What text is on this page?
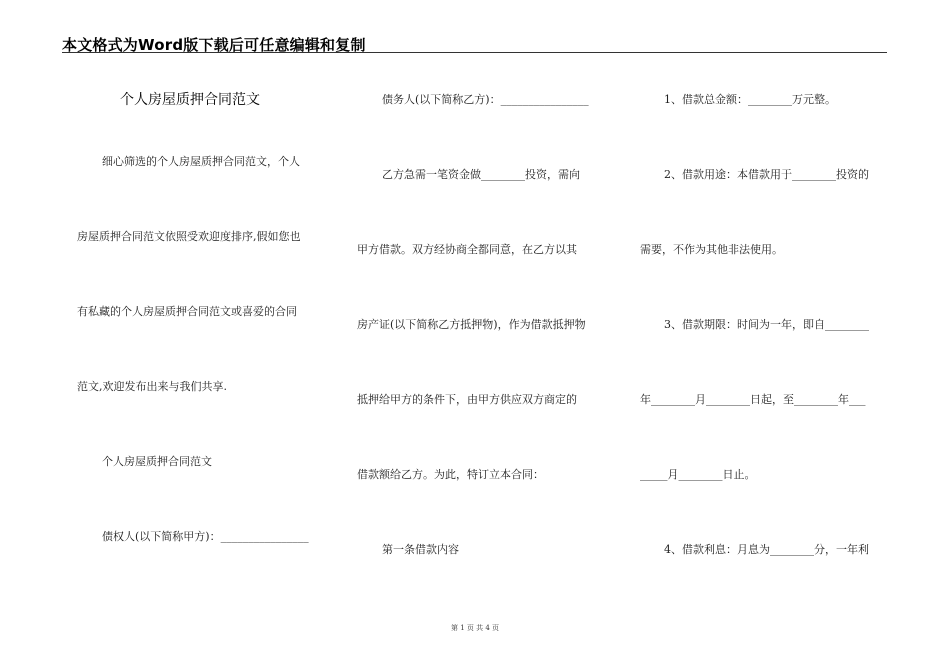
本文格式为Word版下载后可任意编辑和复制
个人房屋质押合同范文
细心筛选的个人房屋质押合同范文，个人
房屋质押合同范文依照受欢迎度排序,假如您也
有私藏的个人房屋质押合同范文或喜爱的合同
范文,欢迎发布出来与我们共享.
个人房屋质押合同范文
债权人(以下简称甲方)：________________
债务人(以下简称乙方)：________________
乙方急需一笔资金做________投资，需向
甲方借款。双方经协商全都同意，在乙方以其
房产证(以下简称乙方抵押物)，作为借款抵押物
抵押给甲方的条件下，由甲方供应双方商定的
借款额给乙方。为此，特订立本合同：
第一条借款内容
1、借款总金额：________万元整。
2、借款用途：本借款用于________投资的
需要，不作为其他非法使用。
3、借款期限：时间为一年，即自________
年________月________日起，至________年___
_____月________日止。
4、借款利息：月息为________分，一年利
第 1 页 共 4 页
